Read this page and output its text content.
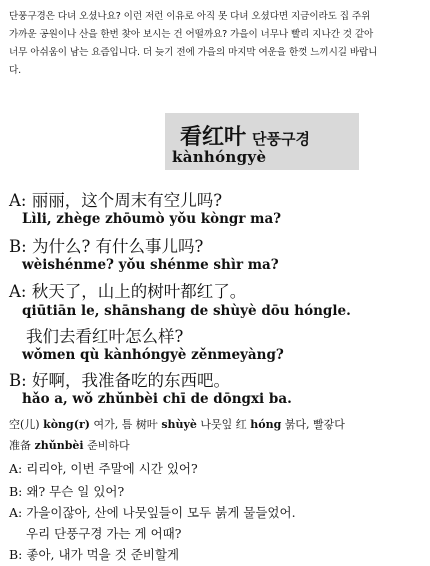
단풍구경은 다녀 오셨나요? 이런 저런 이유로 아직 못 다녀 오셨다면 지금이라도 집 주위
가까운 공원이나 산을 한번 찾아 보시는 건 어떨까요? 가을이 너무나 빨리 지나간 것 같아
너무 아쉬움이 남는 요즘입니다. 더 늦기 전에 가을의 마지막 여운을 한껏 느끼시길 바랍니
다.
看红叶 단풍구경
kànhóngyè
A: 丽丽，这个周末有空儿吗?
Lìli, zhège zhōumò yǒu kòngr ma?
B: 为什么? 有什么事儿吗?
wèishénme? yǒu shénme shìr ma?
A: 秋天了，山上的树叶都红了。
qiūtiān le, shānshang de shùyè dōu hóngle.
我们去看红叶怎么样?
wǒmen qù kànhóngyè zěnmeyàng?
B: 好啊，我准备吃的东西吧。
hǎo a, wǒ zhǔnbèi chī de dōngxi ba.
空(儿) kòng(r) 여가, 틈 树叶 shùyè 나뭇잎 红 hóng 붉다, 빨갛다
准备 zhǔnbèi 준비하다
A: 리리야, 이번 주말에 시간 있어?
B: 왜? 무슨 일 있어?
A: 가을이잖아, 산에 나뭇잎들이 모두 붉게 물들었어.
우리 단풍구경 가는 게 어때?
B: 좋아, 내가 먹을 것 준비할게
